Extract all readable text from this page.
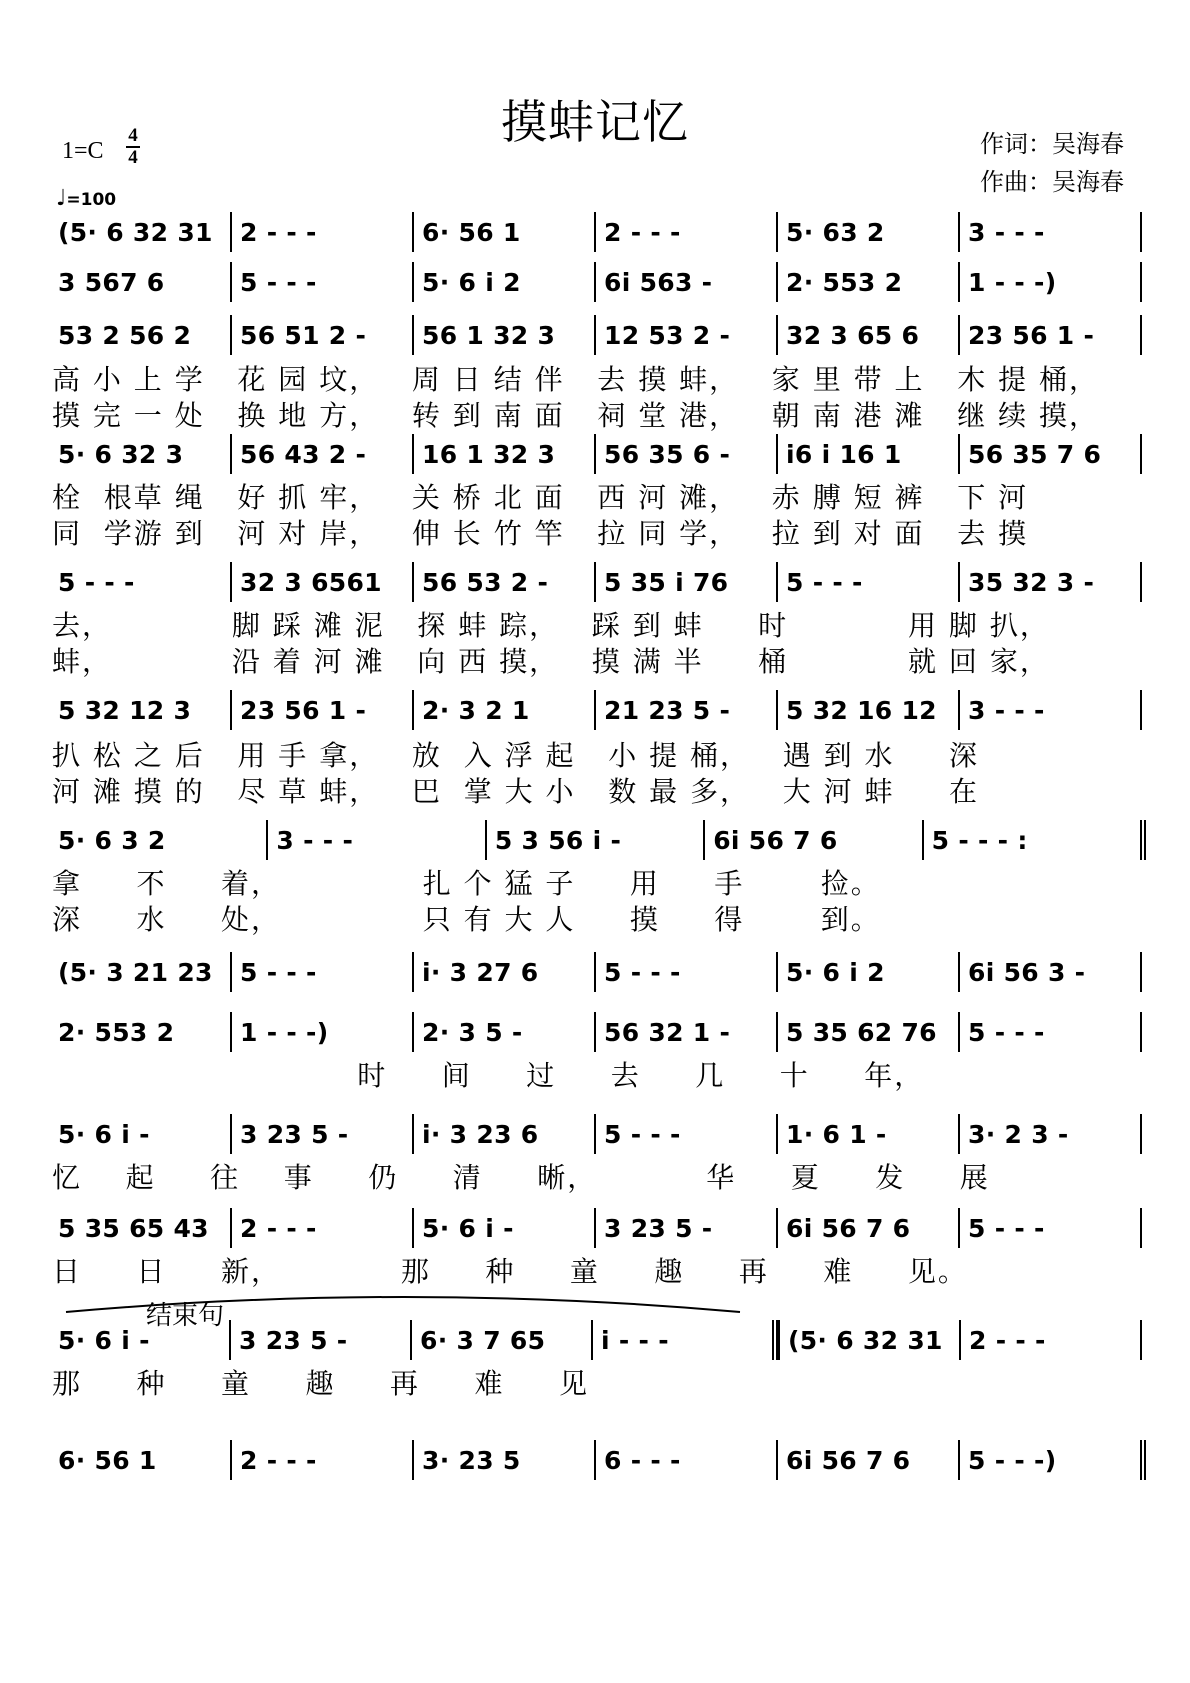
摸蚌记忆
1=C
4
4
♩=100
作词：吴海春
作曲：吴海春
(5· 6 32 31	2 - - -	6· 56 1	2 - - -	5· 63 2	3 - - -
3 567 6	5 - - -	5· 6 i 2	6i 563 -	2· 553 2	1 - - -)
53 2 56 2	56 51 2 -	56 1 32 3	12 53 2 -	32 3 65 6	23 56 1 -
高 小 上 学   花 园 坟，   周 日 结 伴   去 摸 蚌，   家 里 带 上   木 提 桶，
摸 完 一 处   换 地 方，   转 到 南 面   祠 堂 港，   朝 南 港 滩   继 续 摸，
5· 6 32 3	56 43 2 -	16 1 32 3	56 35 6 -	i6 i 16 1	56 35 7 6
栓  根草 绳   好 抓 牢，   关 桥 北 面   西 河 滩，   赤 膊 短 裤   下 河
同  学游 到   河 对 岸，   伸 长 竹 竿   拉 同 学，   拉 到 对 面   去 摸
5 - - -	32 3 6561	56 53 2 -	5 35 i 76	5 - - -	35 32 3 -
去，           脚 踩 滩 泥   探 蚌 踪，   踩 到 蚌     时           用 脚 扒，
蚌，           沿 着 河 滩   向 西 摸，   摸 满 半     桶           就 回 家，
5 32 12 3	23 56 1 -	2· 3 2 1	21 23 5 -	5 32 16 12	3 - - -
扒 松 之 后   用 手 拿，   放  入 浮 起   小 提 桶，   遇 到 水     深
河 滩 摸 的   尽 草 蚌，   巴  掌 大 小   数 最 多，   大 河 蚌     在
5· 6 3 2	3 - - -	5 3 56 i -	6i 56 7 6	5 - - - :
拿     不     着，             扎 个 猛 子     用     手       捡。
深     水     处，             只 有 大 人     摸     得       到。
(5· 3 21 23	5 - - -	i· 3 27 6	5 - - -	5· 6 i 2	6i 56 3 -
2· 553 2	1 - - -)	2· 3 5 -	56 32 1 -	5 35 62 76	5 - - -
时     间     过     去     几     十     年，
5· 6 i -	3 23 5 -	i· 3 23 6	5 - - -	1· 6 1 -	3· 2 3 -
忆    起     往    事     仍     清     晰，          华     夏     发     展
5 35 65 43	2 - - -	5· 6 i -	3 23 5 -	6i 56 7 6	5 - - -
日     日     新，           那     种     童     趣     再     难     见。
结束句
5· 6 i -	3 23 5 -	6· 3 7 65	i - - -	(5· 6 32 31	2 - - -
那     种     童     趣     再     难     见
6· 56 1	2 - - -	3· 23 5	6 - - -	6i 56 7 6	5 - - -)
